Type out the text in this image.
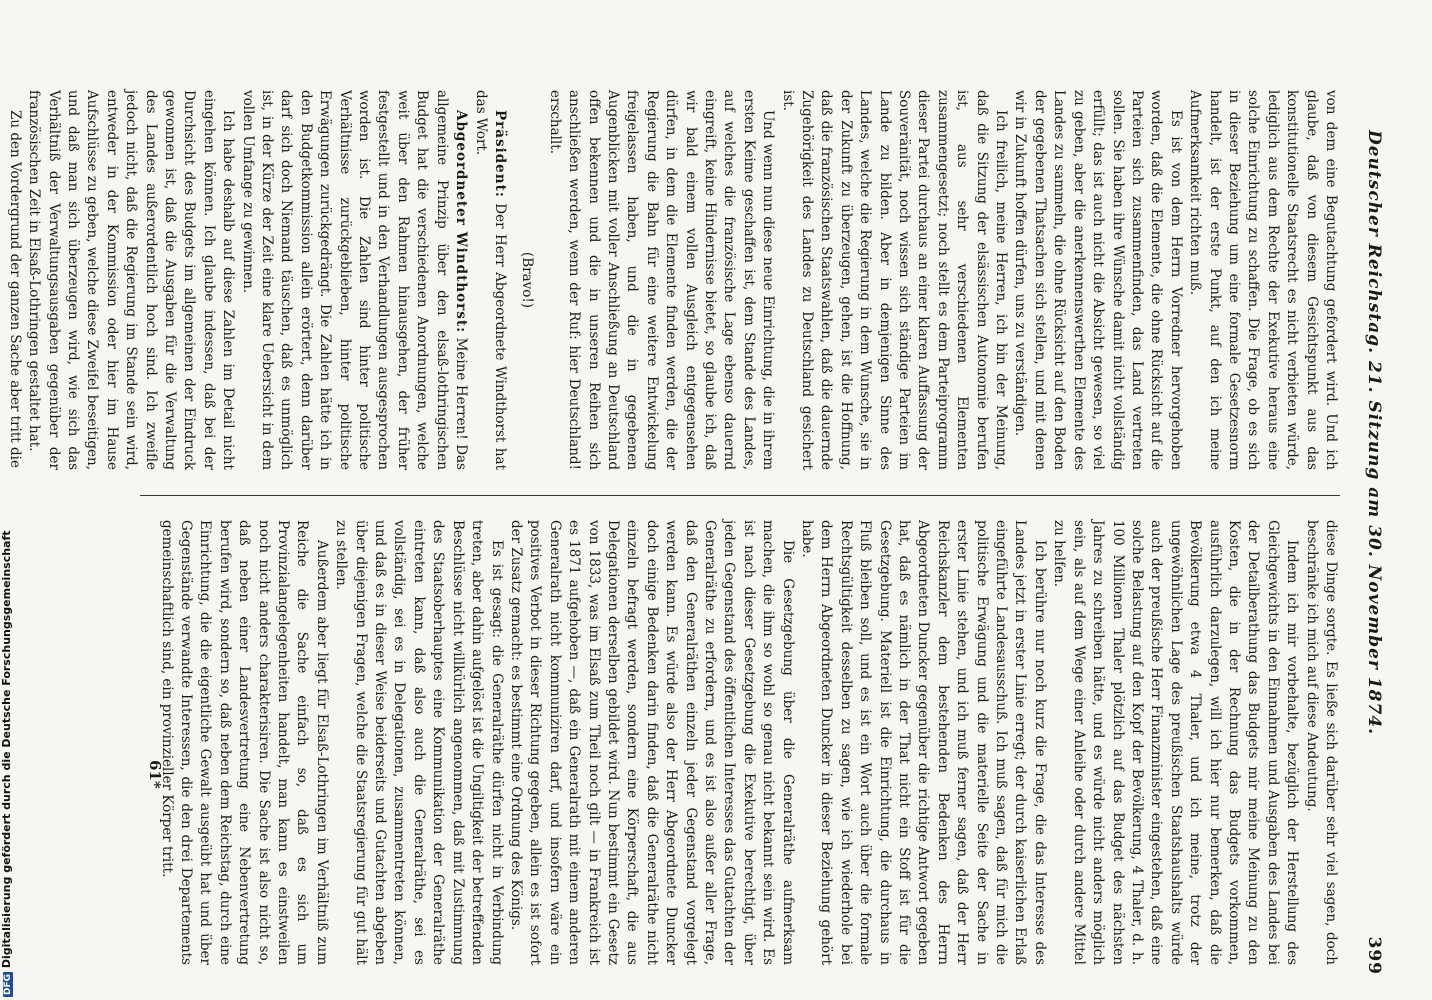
Deutscher Reichstag. 21. Sitzung am 30. November 1874.
399

von dem eine Begutachtung gefordert wird. Und ich glaube, daß von diesem Gesichtspunkt aus das konstitutionelle Staatsrecht es nicht verbieten würde, lediglich aus dem Rechte der Exekutive heraus eine solche Einrichtung zu schaffen. Die Frage, ob es sich in dieser Beziehung um eine formale Gesetzesnorm handelt, ist der erste Punkt, auf den ich meine Aufmerksamkeit richten muß.

Es ist von dem Herrn Vorredner hervorgehoben worden, daß die Elemente, die ohne Rücksicht auf die Parteien sich zusammenfinden, das Land vertreten sollen. Sie haben ihre Wünsche damit nicht vollständig erfüllt; das ist auch nicht die Absicht gewesen, so viel zu geben, aber die anerkennenswerthen Elemente des Landes zu sammeln, die ohne Rücksicht auf den Boden der gegebenen Thatsachen sich stellen, und mit denen wir in Zukunft hoffen dürfen, uns zu verständigen.

Ich freilich, meine Herren, ich bin der Meinung, daß die Sitzung der elsässischen Autonomie berufen ist, aus sehr verschiedenen Elementen zusammengesetzt; noch stellt es dem Parteiprogramm dieser Partei durchaus an einer klaren Auffassung der Souveränität, noch wissen sich ständige Parteien im Lande zu bilden. Aber in demjenigen Sinne des Landes, welche die Regierung in dem Wunsche, sie in der Zukunft zu überzeugen, gehen, ist die Hoffnung, daß die französischen Staatswahlen, daß die dauernde Zugehörigkeit des Landes zu Deutschland gesichert ist.

Und wenn nun diese neue Einrichtung, die in ihrem ersten Keime geschaffen ist, dem Stande des Landes, auf welches die französische Lage ebenso dauernd eingreift, keine Hindernisse bietet, so glaube ich, daß wir bald einem vollen Ausgleich entgegensehen dürfen, in dem die Elemente finden werden, die der Regierung die Bahn für eine weitere Entwickelung freigelassen haben, und die in gegebenen Augenblicken mit voller Anschließung an Deutschland offen bekennen und die in unseren Reihen sich anschließen werden, wenn der Ruf: hier Deutschland! erschallt.

(Bravo!)

Präsident: Der Herr Abgeordnete Windthorst hat das Wort.

Abgeordneter Windthorst: Meine Herren! Das allgemeine Prinzip über den elsaß-lothringischen Budget hat die verschiedenen Anordnungen, welche weit über den Rahmen hinausgehen, der früher festgestellt und in den Verhandlungen ausgesprochen worden ist. Die Zahlen sind hinter politische Verhältnisse zurückgeblieben, hinter politische Erwägungen zurückgedrängt. Die Zahlen hätte ich in den Budgetkommission allein erörtert, denn darüber darf sich doch Niemand täuschen, daß es unmöglich ist, in der Kürze der Zeit eine klare Uebersicht in dem vollen Umfange zu gewinnen.

Ich habe deshalb auf diese Zahlen im Detail nicht eingehen können. Ich glaube indessen, daß bei der Durchsicht des Budgets im allgemeinen der Eindruck gewonnen ist, daß die Ausgaben für die Verwaltung des Landes außerordentlich hoch sind. Ich zweifle jedoch nicht, daß die Regierung im Stande sein wird, entweder in der Kommission oder hier im Hause Aufschlüsse zu geben, welche diese Zweifel beseitigen, und daß man sich überzeugen wird, wie sich das Verhältniß der Verwaltungsausgaben gegenüber der französischen Zeit in Elsaß-Lothringen gestaltet hat.

Zu den Vordergrund der ganzen Sache aber tritt die

diese Dinge sorgte. Es ließe sich darüber sehr viel sagen, doch beschränke ich mich auf diese Andeutung.

Indem ich mir vorbehalte, bezüglich der Herstellung des Gleichgewichts in den Einnahmen und Ausgaben des Landes bei der Detailberathung das Budgets mir meine Meinung zu den Kosten, die in der Rechnung das Budgets vorkommen, ausführlich darzulegen, will ich hier nur bemerken, daß die Bevölkerung etwa 4 Thaler, und ich meine, trotz der ungewöhnlichen Lage des preußischen Staatshaushalts würde auch der preußische Herr Finanzminister eingestehen, daß eine solche Belastung auf den Kopf der Bevölkerung, 4 Thaler, d. h. 100 Millionen Thaler plötzlich auf das Budget des nächsten Jahres zu schreiben hätte, und es würde nicht anders möglich sein, als auf dem Wege einer Anleihe oder durch andere Mittel zu helfen.

Ich berühre nur noch kurz die Frage, die das Interesse des Landes jetzt in erster Linie erregt; der durch kaiserlichen Erlaß eingeführte Landesausschuß. Ich muß sagen, daß für mich die politische Erwägung und die materielle Seite der Sache in erster Linie stehen, und ich muß ferner sagen, daß der Herr Reichskanzler dem bestehenden Bedenken des Herrn Abgeordneten Duncker gegenüber die richtige Antwort gegeben hat, daß es nämlich in der That nicht ein Stoff ist für die Gesetzgebung. Materiell ist die Einrichtung, die durchaus in Fluß bleiben soll, und es ist ein Wort auch über die formale Rechtsgültigkeit desselben zu sagen, wie ich wiederhole bei dem Herrn Abgeordneten Duncker in dieser Beziehung gehört habe.

Die Gesetzgebung über die Generalräthe aufmerksam machen, die ihm so wohl so genau nicht bekannt sein wird. Es ist nach dieser Gesetzgebung die Exekutive berechtigt, über jeden Gegenstand des öffentlichen Interesses das Gutachten der Generalräthe zu erfordern, und es ist also außer aller Frage, daß den Generalräthen einzeln jeder Gegenstand vorgelegt werden kann. Es würde also der Herr Abgeordnete Duncker doch einige Bedenken darin finden, daß die Generalräthe nicht einzeln befragt werden, sondern eine Körperschaft, die aus Delegationen derselben gebildet wird. Nun bestimmt ein Gesetz von 1833, was im Elsaß zum Theil noch gilt — in Frankreich ist es 1871 aufgehoben —, daß ein Generalrath mit einem anderen Generalrath nicht kommuniziren darf, und insofern wäre ein positives Verbot in dieser Richtung gegeben, allein es ist sofort der Zusatz gemacht: es bestimmt eine Ordnung des Königs.

Es ist gesagt: die Generalräthe dürfen nicht in Verbindung treten, aber dahin aufgelöst ist die Ungiltigkeit der betreffenden Beschlüsse nicht willkürlich angenommen, daß mit Zustimmung des Staatsoberhauptes eine Kommunikation der Generalräthe eintreten kann, daß also auch die Generalräthe, sei es vollständig, sei es in Delegationen, zusammentreten können, und daß es in dieser Weise beiderseits und Gutachten abgeben über diejenigen Fragen, welche die Staatsregierung für gut hält zu stellen.

Außerdem aber liegt für Elsaß-Lothringen im Verhältniß zum Reiche die Sache einfach so, daß es sich um Provinzialangelegenheiten handelt, man kann es einstweilen noch nicht anders charakterisiren. Die Sache ist also nicht so, daß neben einer Landesvertretung eine Nebenvertretung berufen wird, sondern so, daß neben dem Reichstag, durch eine Einrichtung, die die eigentliche Gewalt ausgeübt hat und über Gegenstände verwandte Interessen, die den drei Departements gemeinschaftlich sind, ein provinzieller Körper tritt.

61*
DFG Digitalisierung gefördert durch die Deutsche Forschungsgemeinschaft
